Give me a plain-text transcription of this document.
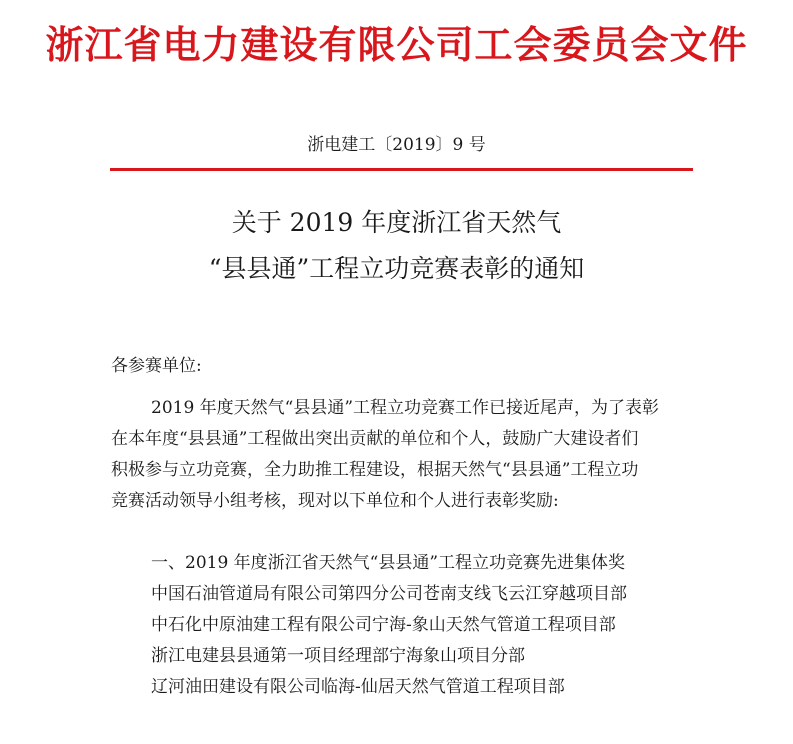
浙江省电力建设有限公司工会委员会文件
浙电建工〔2019〕9 号
关于 2019 年度浙江省天然气
“县县通”工程立功竞赛表彰的通知
各参赛单位:
2019 年度天然气“县县通”工程立功竞赛工作已接近尾声，为了表彰
在本年度“县县通”工程做出突出贡献的单位和个人，鼓励广大建设者们
积极参与立功竞赛，全力助推工程建设，根据天然气“县县通”工程立功
竞赛活动领导小组考核，现对以下单位和个人进行表彰奖励:
一、2019 年度浙江省天然气“县县通”工程立功竞赛先进集体奖
中国石油管道局有限公司第四分公司苍南支线飞云江穿越项目部
中石化中原油建工程有限公司宁海-象山天然气管道工程项目部
浙江电建县县通第一项目经理部宁海象山项目分部
辽河油田建设有限公司临海-仙居天然气管道工程项目部
